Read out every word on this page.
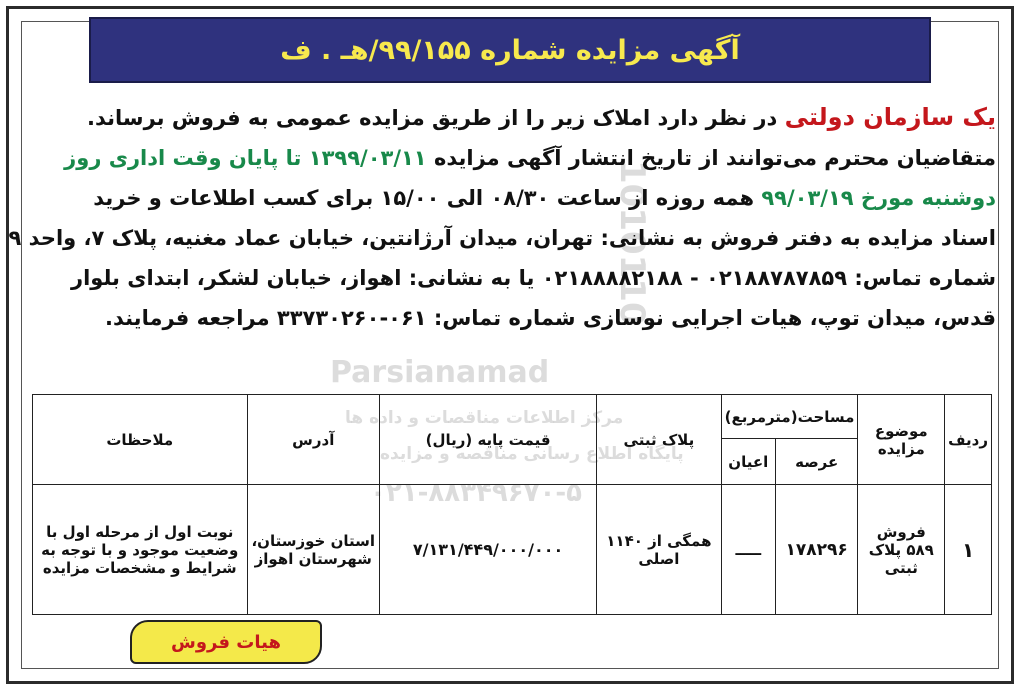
آگهی مزایده شماره ۹۹/۱۵۵/هـ . ف
1010110
Parsianamad
مرکز اطلاعات مناقصات و داده ها
پایگاه اطلاع رسانی مناقصه و مزایده
۰۲۱-۸۸۳۴۹۶۷۰-۵
یک سازمان دولتی در نظر دارد املاک زیر را از طریق مزایده عمومی به فروش برساند.
متقاضیان محترم می‌توانند از تاریخ انتشار آگهی مزایده ۱۳۹۹/۰۳/۱۱ تا پایان وقت اداری روز
دوشنبه مورخ ۹۹/۰۳/۱۹ همه روزه از ساعت ۰۸/۳۰ الی ۱۵/۰۰ برای کسب اطلاعات و خرید
اسناد مزایده به دفتر فروش به نشانی: تهران، میدان آرژانتین، خیابان عماد مغنیه، پلاک ۷، واحد ۹
شماره تماس: ۰۲۱۸۸۷۸۷۸۵۹ - ۰۲۱۸۸۸۸۲۱۸۸ یا به نشانی: اهواز، خیابان لشکر، ابتدای بلوار
قدس، میدان توپ، هیات اجرایی نوسازی شماره تماس: ۰۶۱-۳۳۷۳۰۲۶۰ مراجعه فرمایند.
ردیف	موضوع مزایده	مساحت(مترمربع)		پلاک ثبتی	قیمت پایه (ریال)	آدرس	ملاحظات
		عرصه	اعیان				
۱	فروش ۵۸۹ پلاک ثبتی	۱۷۸۲۹۶	ـــــ	همگی از ۱۱۴۰ اصلی	۷/۱۳۱/۴۴۹/۰۰۰/۰۰۰	استان خوزستان، شهرستان اهواز	نوبت اول از مرحله اول با وضعیت موجود و با توجه به شرایط و مشخصات مزایده
هیات فروش
